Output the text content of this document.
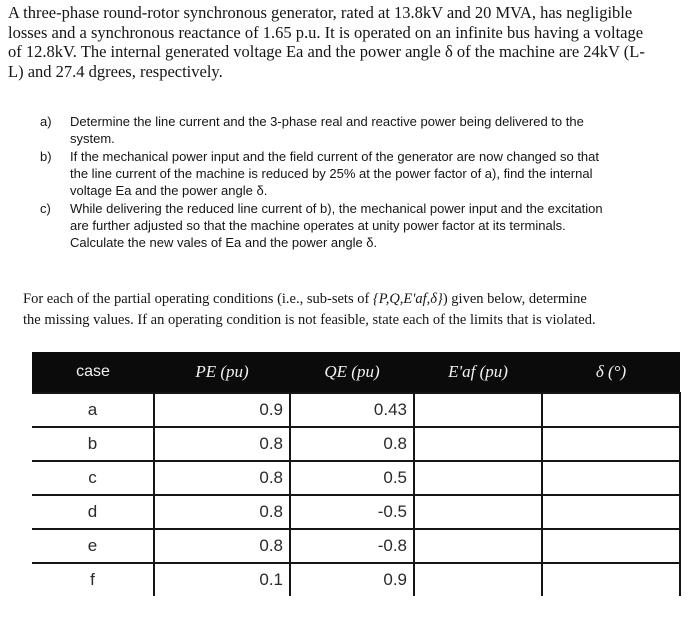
A three-phase round-rotor synchronous generator, rated at 13.8kV and 20 MVA, has negligible
losses and a synchronous reactance of 1.65 p.u. It is operated on an infinite bus having a voltage
of 12.8kV. The internal generated voltage Ea and the power angle δ of the machine are 24kV (L-
L) and 27.4 dgrees, respectively.
a)	Determine the line current and the 3-phase real and reactive power being delivered to the
system.
b)	If the mechanical power input and the field current of the generator are now changed so that
the line current of the machine is reduced by 25% at the power factor of a), find the internal
voltage Ea and the power angle δ.
c)	While delivering the reduced line current of b), the mechanical power input and the excitation
are further adjusted so that the machine operates at unity power factor at its terminals.
Calculate the new vales of Ea and the power angle δ.
For each of the partial operating conditions (i.e., sub-sets of {P,Q,E'af,δ}) given below, determine
the missing values. If an operating condition is not feasible, state each of the limits that is violated.
case	PE (pu)	QE (pu)	E'af (pu)	δ (°)
a	0.9	0.43		
b	0.8	0.8		
c	0.8	0.5		
d	0.8	-0.5		
e	0.8	-0.8		
f	0.1	0.9		
